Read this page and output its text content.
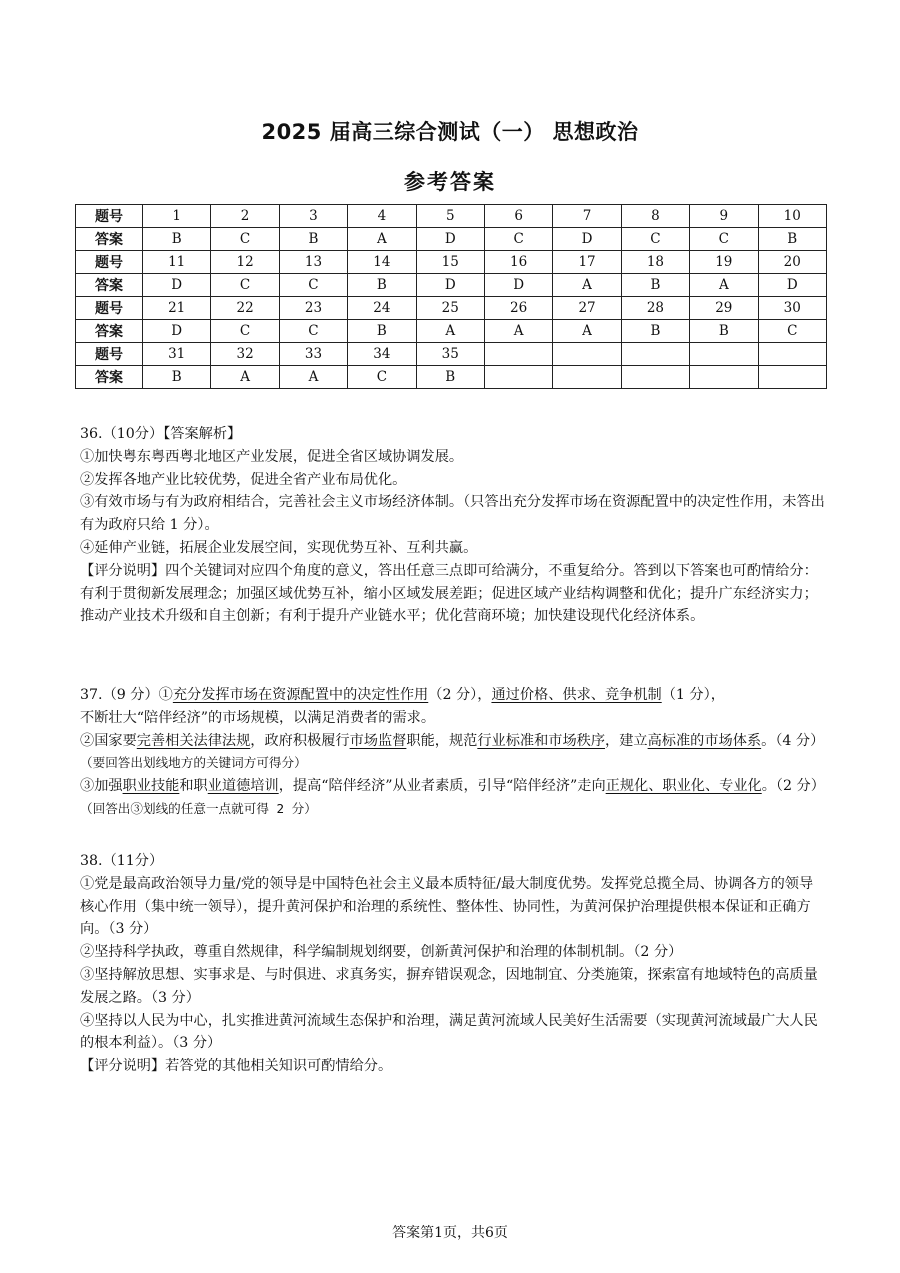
2025 届高三综合测试（一） 思想政治
参考答案
题号	1	2	3	4	5	6	7	8	9	10
答案	B	C	B	A	D	C	D	C	C	B
题号	11	12	13	14	15	16	17	18	19	20
答案	D	C	C	B	D	D	A	B	A	D
题号	21	22	23	24	25	26	27	28	29	30
答案	D	C	C	B	A	A	A	B	B	C
题号	31	32	33	34	35					
答案	B	A	A	C	B					

36.（10分）【答案解析】

①加快粤东粤西粤北地区产业发展，促进全省区域协调发展。

②发挥各地产业比较优势，促进全省产业布局优化。

③有效市场与有为政府相结合，完善社会主义市场经济体制。（只答出充分发挥市场在资源配置中的决定性作用，未答出有为政府只给 1 分）。

④延伸产业链，拓展企业发展空间，实现优势互补、互利共赢。

【评分说明】四个关键词对应四个角度的意义，答出任意三点即可给满分，不重复给分。答到以下答案也可酌情给分：有利于贯彻新发展理念；加强区域优势互补，缩小区域发展差距；促进区域产业结构调整和优化；提升广东经济实力；推动产业技术升级和自主创新；有利于提升产业链水平；优化营商环境；加快建设现代化经济体系。

37.（9 分）①充分发挥市场在资源配置中的决定性作用（2 分），通过价格、供求、竞争机制（1 分），

不断壮大“陪伴经济”的市场规模，以满足消费者的需求。

②国家要完善相关法律法规，政府积极履行市场监督职能，规范行业标准和市场秩序，建立高标准的市场体系。（4 分）（要回答出划线地方的关键词方可得分）

③加强职业技能和职业道德培训，提高“陪伴经济”从业者素质，引导“陪伴经济”走向正规化、职业化、专业化。（2 分）（回答出③划线的任意一点就可得 2 分）

38.（11分）

①党是最高政治领导力量/党的领导是中国特色社会主义最本质特征/最大制度优势。发挥党总揽全局、协调各方的领导核心作用（集中统一领导），提升黄河保护和治理的系统性、整体性、协同性，为黄河保护治理提供根本保证和正确方向。（3 分）

②坚持科学执政，尊重自然规律，科学编制规划纲要，创新黄河保护和治理的体制机制。（2 分）

③坚持解放思想、实事求是、与时俱进、求真务实，摒弃错误观念，因地制宜、分类施策，探索富有地域特色的高质量发展之路。（3 分）

④坚持以人民为中心，扎实推进黄河流域生态保护和治理，满足黄河流域人民美好生活需要（实现黄河流域最广大人民的根本利益）。（3 分）

【评分说明】若答党的其他相关知识可酌情给分。

答案第1页，共6页
